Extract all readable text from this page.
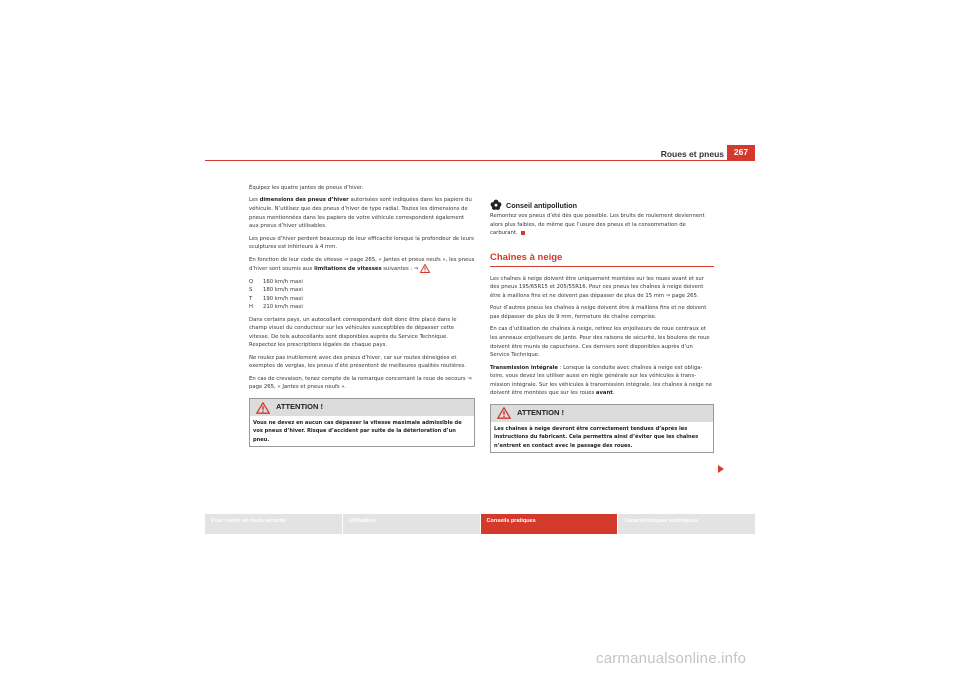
Roues et pneus	267

Équipez les quatre jantes de pneus d’hiver.

Les dimensions des pneus d’hiver autorisées sont indiquées dans les papiers du véhicule. N’utilisez que des pneus d’hiver de type radial. Toutes les dimensions de pneus mentionnées dans les papiers de votre véhicule correspondent également aux pneus d’hiver utilisables.

Les pneus d’hiver perdent beaucoup de leur efficacité lorsque la profondeur de leurs sculptures est inférieure à 4 mm.

En fonction de leur code de vitesse ⇒ page 265, « Jantes et pneus neufs », les pneus d’hiver sont soumis aux limitations de vitesses suivantes : ⇒

Q	160 km/h maxi
S	180 km/h maxi
T	190 km/h maxi
H	210 km/h maxi

Dans certains pays, un autocollant correspondant doit donc être placé dans le champ visuel du conducteur sur les véhicules susceptibles de dépasser cette vitesse. De tels autocollants sont disponibles auprès du Service Technique. Respectez les prescriptions légales de chaque pays.

Ne roulez pas inutilement avec des pneus d’hiver, car sur routes déneigées et exemptes de verglas, les pneus d’été présentent de meilleures qualités routières.

En cas de crevaison, tenez compte de la remarque concernant la roue de secours ⇒ page 265, « Jantes et pneus neufs ».

ATTENTION !
Vous ne devez en aucun cas dépasser la vitesse maximale admissible de vos pneus d’hiver. Risque d’accident par suite de la détérioration d’un pneu.
Conseil antipollution

Remontez vos pneus d’été dès que possible. Les bruits de roulement deviennent alors plus faibles, de même que l’usure des pneus et la consommation de carburant.

Chaînes à neige

Les chaînes à neige doivent être uniquement montées sur les roues avant et sur des pneus 195/65R15 et 205/55R16. Pour ces pneus les chaînes à neige doivent être à maillons fins et ne doivent pas dépasser de plus de 15 mm ⇒ page 265.

Pour d’autres pneus les chaînes à neige doivent être à maillons fins et ne doivent pas dépasser de plus de 9 mm, fermeture de chaîne comprise.

En cas d’utilisation de chaînes à neige, retirez les enjoliveurs de roue centraux et les anneaux enjoliveurs de jante. Pour des raisons de sécurité, les boulons de roue doivent être munis de capuchons. Ces derniers sont disponibles auprès d’un Service Technique.

Transmission intégrale : Lorsque la conduite avec chaînes à neige est obligatoire, vous devez les utiliser aussi en règle générale sur les véhicules à transmission intégrale. Sur les véhicules à transmission intégrale, les chaînes à neige ne doivent être montées que sur les roues avant.

ATTENTION !
Les chaînes à neige devront être correctement tendues d’après les instructions du fabricant. Cela permettra ainsi d’éviter que les chaînes n’entrent en contact avec le passage des roues.
Pour rouler en toute sécurité	Utilisation	Conseils pratiques	Caractéristiques techniques
carmanualsonline.info
